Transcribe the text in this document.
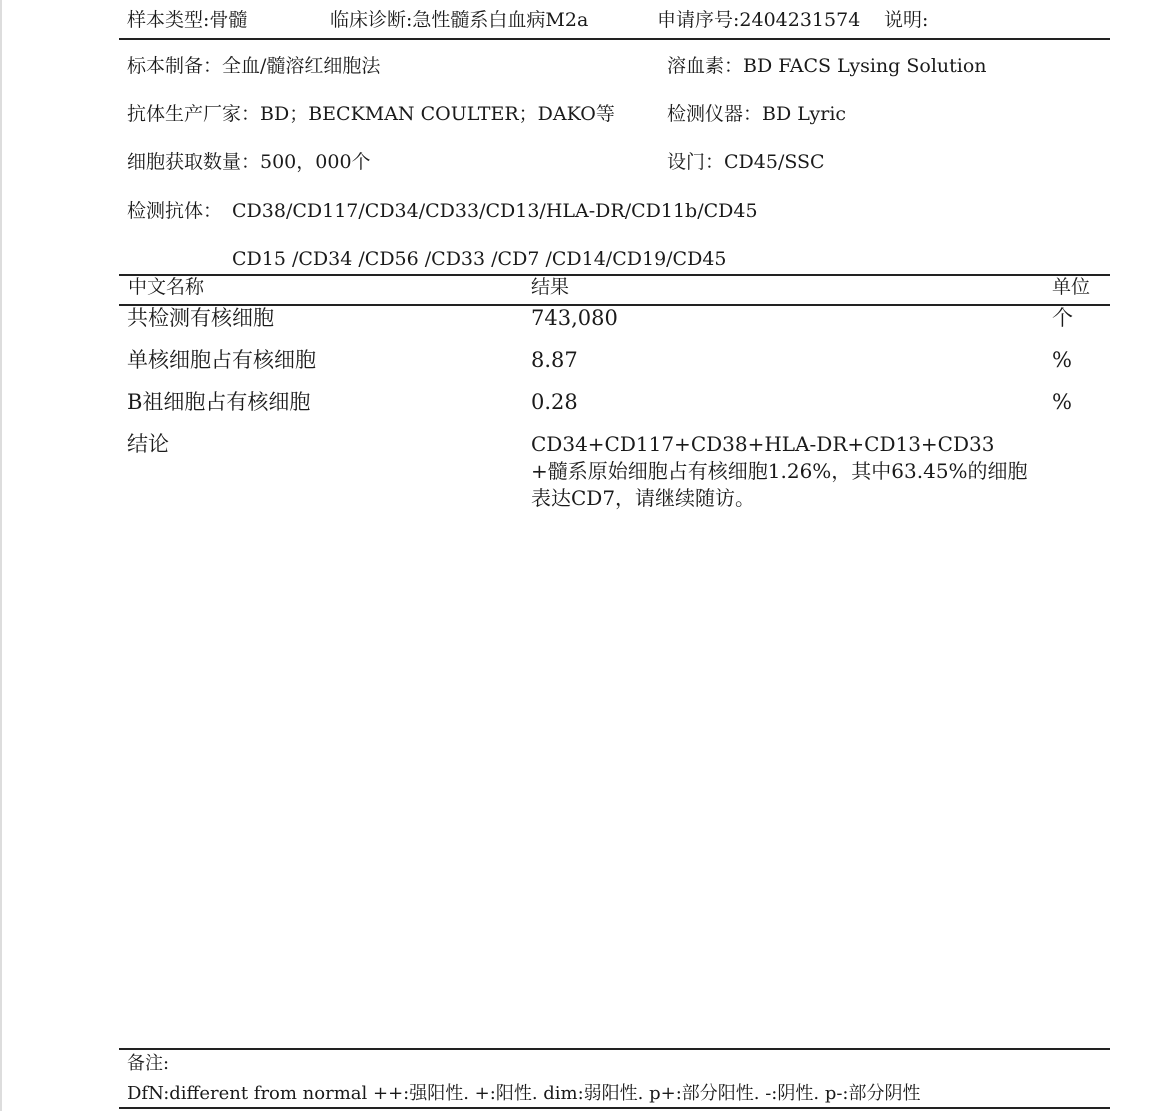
样本类型:骨髓	临床诊断:急性髓系白血病M2a	申请序号:2404231574 说明:
标本制备：全血/髓溶红细胞法	溶血素：BD FACS Lysing Solution
抗体生产厂家：BD；BECKMAN COULTER；DAKO等	检测仪器：BD Lyric
细胞获取数量：500，000个	设门：CD45/SSC
检测抗体： CD38/CD117/CD34/CD33/CD13/HLA-DR/CD11b/CD45
CD15 /CD34 /CD56 /CD33 /CD7 /CD14/CD19/CD45
中文名称	结果	单位
共检测有核细胞	743,080	个
单核细胞占有核细胞	8.87	%
B祖细胞占有核细胞	0.28	%
结论	CD34+CD117+CD38+HLA-DR+CD13+CD33+髓系原始细胞占有核细胞1.26%，其中63.45%的细胞表达CD7，请继续随访。
备注:
DfN:different from normal ++:强阳性. +:阳性. dim:弱阳性. p+:部分阳性. -:阴性. p-:部分阴性
